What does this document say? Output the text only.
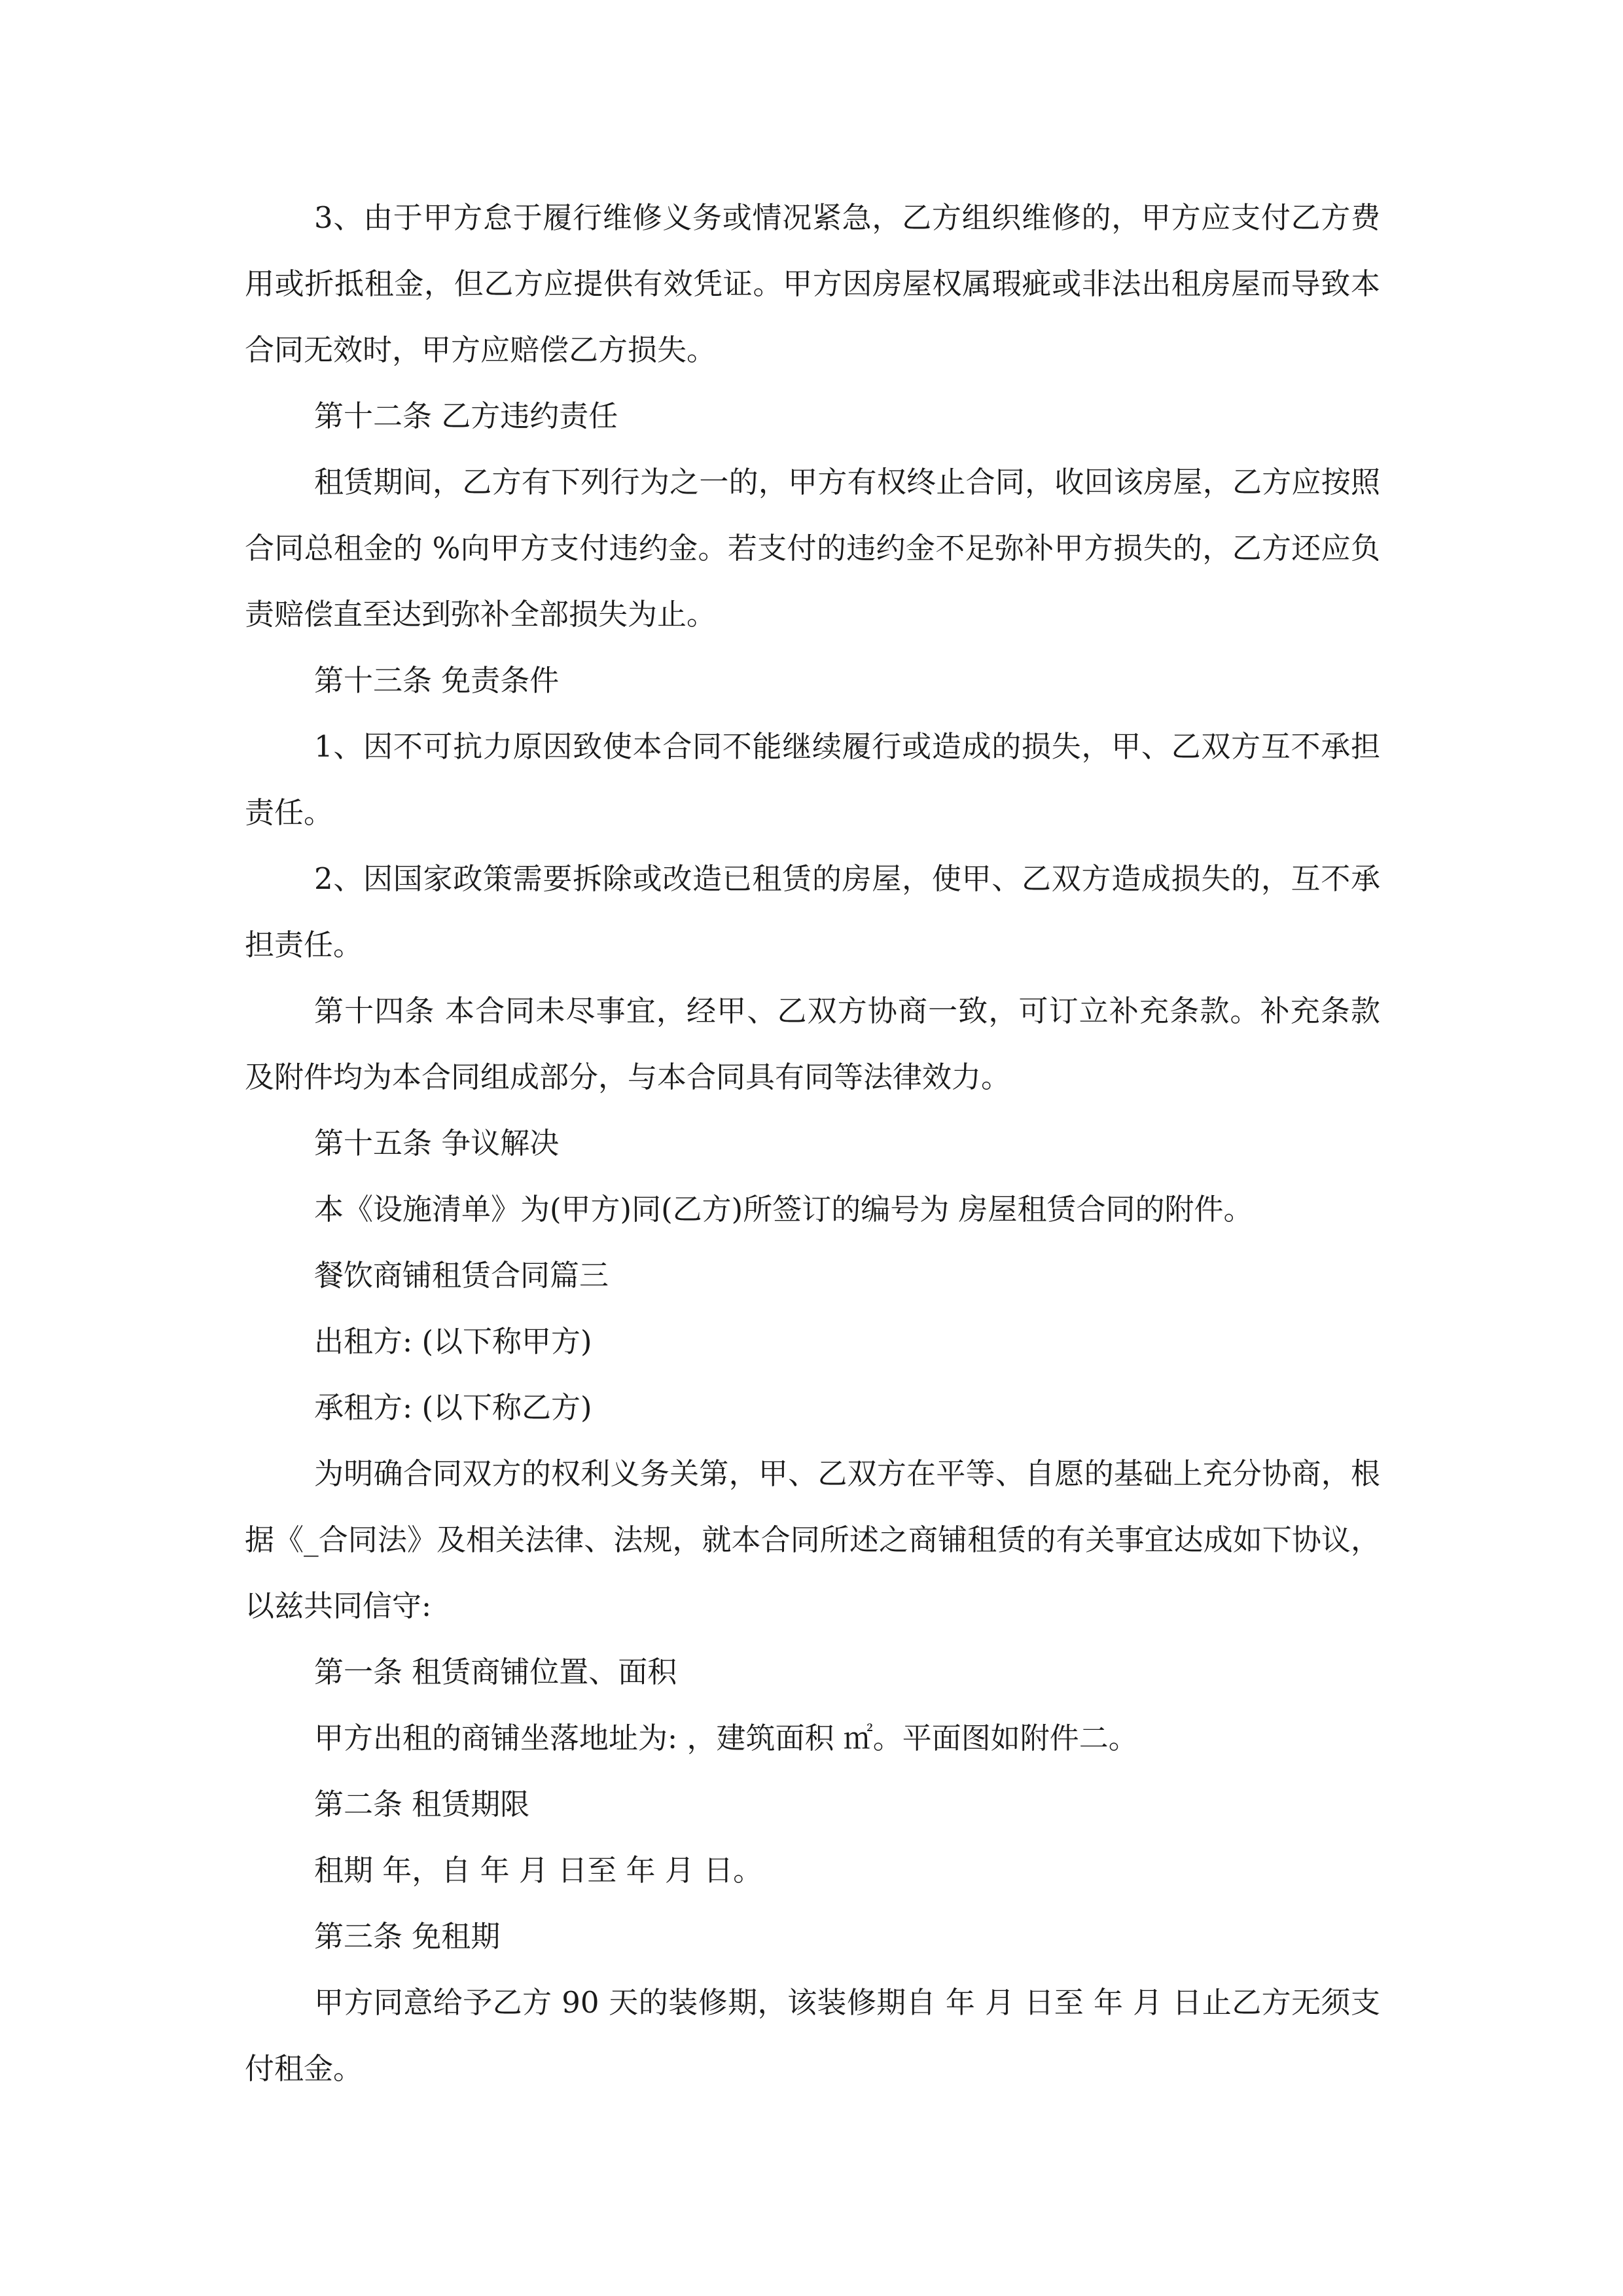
3、由于甲方怠于履行维修义务或情况紧急，乙方组织维修的，甲方应支付乙方费用或折抵租金，但乙方应提供有效凭证。甲方因房屋权属瑕疵或非法出租房屋而导致本合同无效时，甲方应赔偿乙方损失。

第十二条 乙方违约责任

租赁期间，乙方有下列行为之一的，甲方有权终止合同，收回该房屋，乙方应按照合同总租金的 %向甲方支付违约金。若支付的违约金不足弥补甲方损失的，乙方还应负责赔偿直至达到弥补全部损失为止。

第十三条 免责条件

1、因不可抗力原因致使本合同不能继续履行或造成的损失，甲、乙双方互不承担责任。

2、因国家政策需要拆除或改造已租赁的房屋，使甲、乙双方造成损失的，互不承担责任。

第十四条 本合同未尽事宜，经甲、乙双方协商一致，可订立补充条款。补充条款及附件均为本合同组成部分，与本合同具有同等法律效力。

第十五条 争议解决

本《设施清单》为(甲方)同(乙方)所签订的编号为 房屋租赁合同的附件。

餐饮商铺租赁合同篇三

出租方: (以下称甲方)

承租方: (以下称乙方)

为明确合同双方的权利义务关第，甲、乙双方在平等、自愿的基础上充分协商，根据《_合同法》及相关法律、法规，就本合同所述之商铺租赁的有关事宜达成如下协议，以兹共同信守:

第一条 租赁商铺位置、面积

甲方出租的商铺坐落地址为: ，建筑面积 ㎡。平面图如附件二。

第二条 租赁期限

租期 年，自 年 月 日至 年 月 日。

第三条 免租期

甲方同意给予乙方 90 天的装修期，该装修期自 年 月 日至 年 月 日止乙方无须支付租金。
